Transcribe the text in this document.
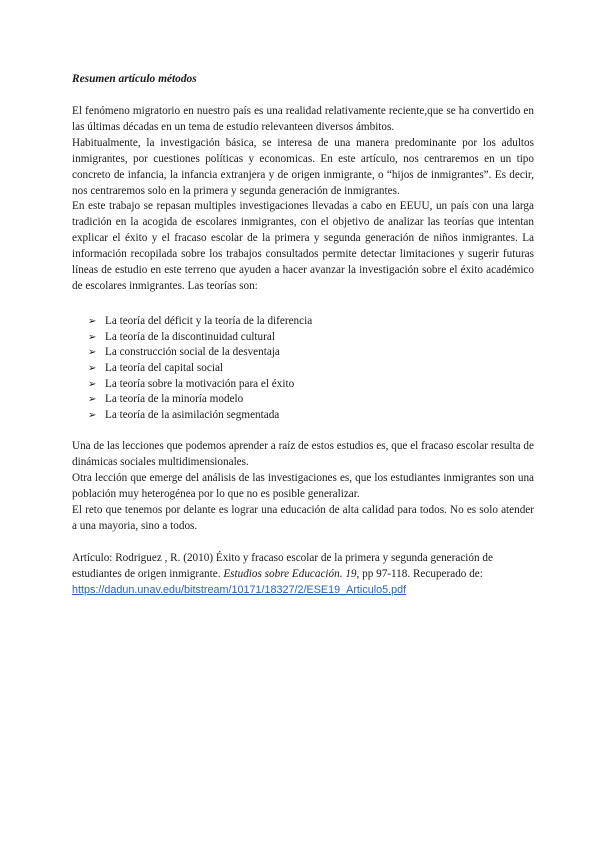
Resumen artículo métodos

El fenómeno migratorio en nuestro país es una realidad relativamente reciente,que se ha convertido en las últimas décadas en un tema de estudio relevanteen diversos ámbitos.

Habitualmente, la investigación básica, se interesa de una manera predominante por los adultos inmigrantes, por cuestiones políticas y economicas. En este artículo, nos centraremos en un tipo concreto de infancia, la infancia extranjera y de origen inmigrante, o “hijos de inmigrantes”. Es decir, nos centraremos solo en la primera y segunda generación de inmigrantes.

En este trabajo se repasan multiples investigaciones llevadas a cabo en EEUU, un país con una larga tradición en la acogida de escolares inmigrantes, con el objetivo de analizar las teorías que intentan explicar el éxito y el fracaso escolar de la primera y segunda generación de niños inmigrantes. La información recopilada sobre los trabajos consultados permite detectar limitaciones y sugerir futuras líneas de estudio en este terreno que ayuden a hacer avanzar la investigación sobre el éxito académico de escolares inmigrantes. Las teorías son:

➢ La teoría del déficit y la teoría de la diferencia
➢ La teoría de la discontinuidad cultural
➢ La construcción social de la desventaja
➢ La teoría del capital social
➢ La teoría sobre la motivación para el éxito
➢ La teoría de la minoría modelo
➢ La teoría de la asimilación segmentada

Una de las lecciones que podemos aprender a raíz de estos estudios es, que el fracaso escolar resulta de dinámicas sociales multidimensionales.

Otra lección que emerge del análisis de las investigaciones es, que los estudiantes inmigrantes son una población muy heterogénea por lo que no es posible generalizar.

El reto que tenemos por delante es lograr una educación de alta calidad para todos. No es solo atender a una mayoria, sino a todos.

Artículo: Rodriguez , R. (2010) Éxito y fracaso escolar de la primera y segunda generación de estudiantes de origen inmigrante. Estudios sobre Educación. 19, pp 97-118. Recuperado de:
https://dadun.unav.edu/bitstream/10171/18327/2/ESE19_Articulo5.pdf
